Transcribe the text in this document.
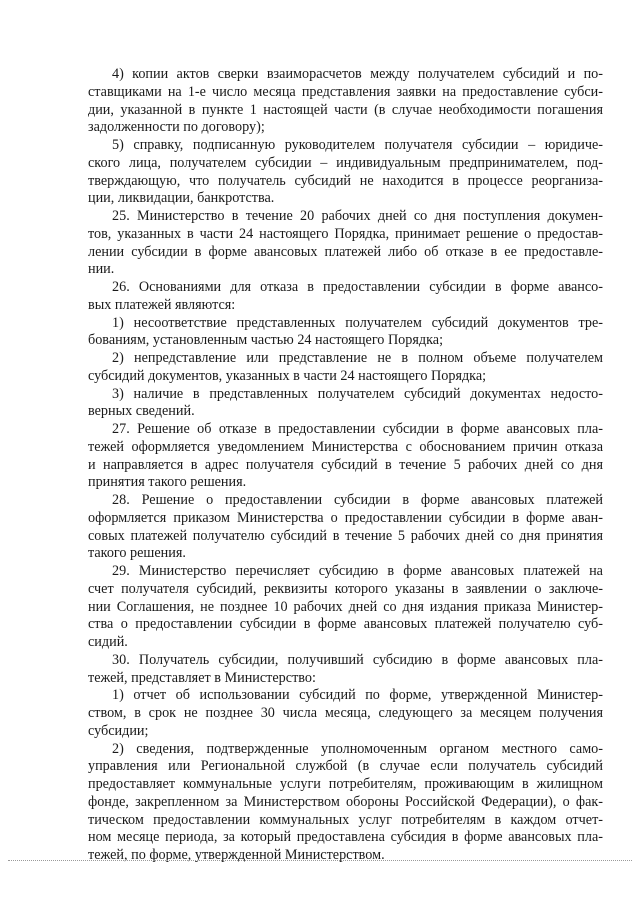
4) копии актов сверки взаиморасчетов между получателем субсидий и по-
ставщиками на 1-е число месяца представления заявки на предоставление субси-
дии, указанной в пункте 1 настоящей части (в случае необходимости погашения
задолженности по договору);
5) справку, подписанную руководителем получателя субсидии – юридиче-
ского лица, получателем субсидии – индивидуальным предпринимателем, под-
тверждающую, что получатель субсидий не находится в процессе реорганиза-
ции, ликвидации, банкротства.
25. Министерство в течение 20 рабочих дней со дня поступления докумен-
тов, указанных в части 24 настоящего Порядка, принимает решение о предостав-
лении субсидии в форме авансовых платежей либо об отказе в ее предоставле-
нии.
26. Основаниями для отказа в предоставлении субсидии в форме авансо-
вых платежей являются:
1) несоответствие представленных получателем субсидий документов тре-
бованиям, установленным частью 24 настоящего Порядка;
2) непредставление или представление не в полном объеме получателем
субсидий документов, указанных в части 24 настоящего Порядка;
3) наличие в представленных получателем субсидий документах недосто-
верных сведений.
27. Решение об отказе в предоставлении субсидии в форме авансовых пла-
тежей оформляется уведомлением Министерства с обоснованием причин отказа
и направляется в адрес получателя субсидий в течение 5 рабочих дней со дня
принятия такого решения.
28. Решение о предоставлении субсидии в форме авансовых платежей
оформляется приказом Министерства о предоставлении субсидии в форме аван-
совых платежей получателю субсидий в течение 5 рабочих дней со дня принятия
такого решения.
29. Министерство перечисляет субсидию в форме авансовых платежей на
счет получателя субсидий, реквизиты которого указаны в заявлении о заключе-
нии Соглашения, не позднее 10 рабочих дней со дня издания приказа Министер-
ства о предоставлении субсидии в форме авансовых платежей получателю суб-
сидий.
30. Получатель субсидии, получивший субсидию в форме авансовых пла-
тежей, представляет в Министерство:
1) отчет об использовании субсидий по форме, утвержденной Министер-
ством, в срок не позднее 30 числа месяца, следующего за месяцем получения
субсидии;
2) сведения, подтвержденные уполномоченным органом местного само-
управления или Региональной службой (в случае если получатель субсидий
предоставляет коммунальные услуги потребителям, проживающим в жилищном
фонде, закрепленном за Министерством обороны Российской Федерации), о фак-
тическом предоставлении коммунальных услуг потребителям в каждом отчет-
ном месяце периода, за который предоставлена субсидия в форме авансовых пла-
тежей, по форме, утвержденной Министерством.
